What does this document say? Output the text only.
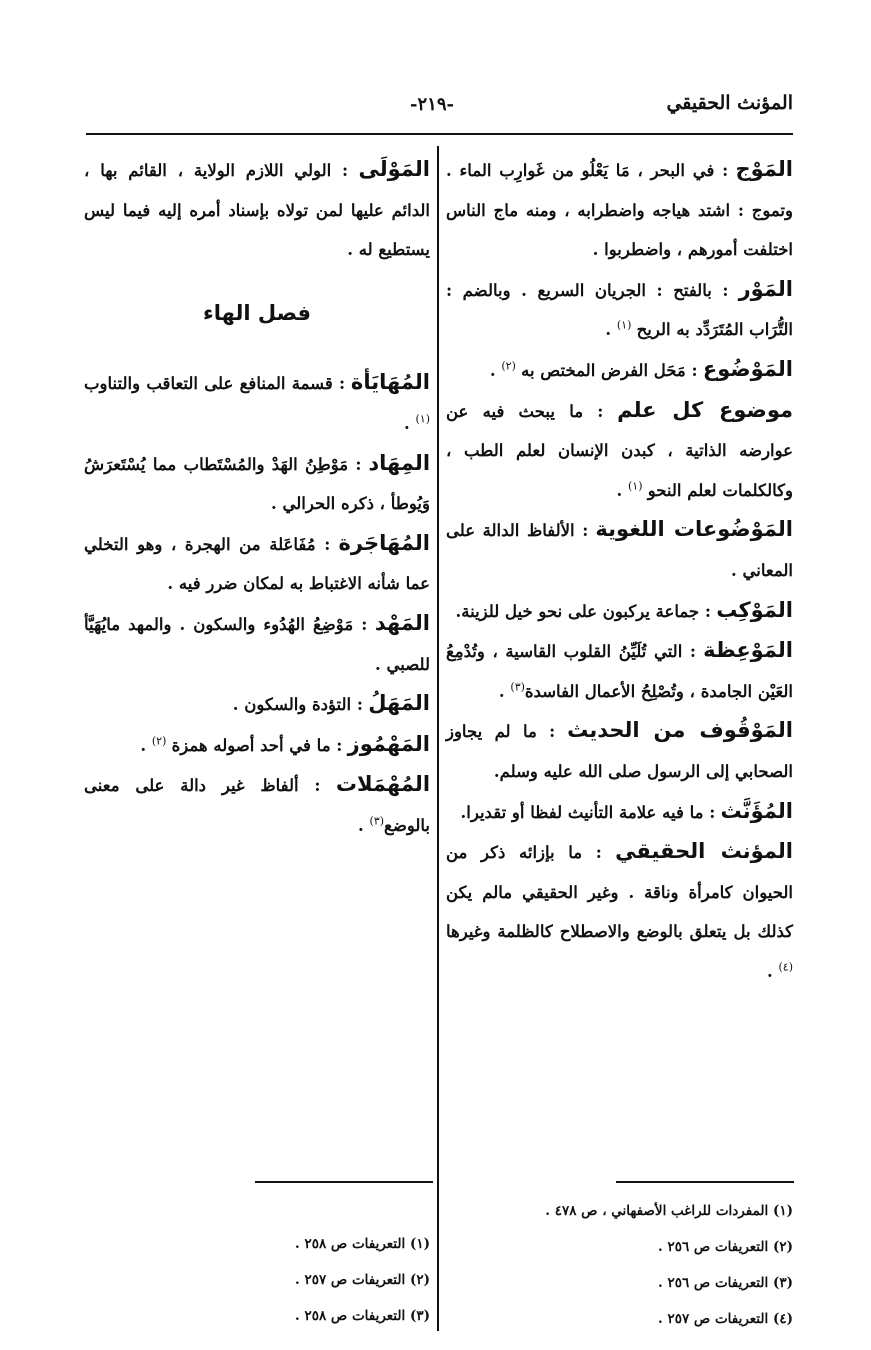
المؤنث الحقيقي
-٢١٩-

المَوْج : في البحر ، مَا يَعْلُو من غَوارِب الماء . وتموج : اشتد هياجه واضطرابه ، ومنه ماج الناس اختلفت أمورهم ، واضطربوا .

المَوْر : بالفتح : الجريان السريع . وبالضم : التُّرَاب المُتَرَدِّد به الريح $^{(١)}$ .

المَوْضُوع : مَحَل الفرض المختص به $^{(٢)}$ .

موضوع كل علم : ما يبحث فيه عن عوارضه الذاتية ، كبدن الإنسان لعلم الطب ، وكالكلمات لعلم النحو $^{(١)}$ .

المَوْضُوعات اللغوية : الألفاظ الدالة على المعاني .

المَوْكِب : جماعة يركبون على نحو خيل للزينة.

المَوْعِظة : التي تُلَيِّنُ القلوب القاسية ، وتُدْمِعُ العَيْن الجامدة ، وتُصْلِحُ الأعمال الفاسدة$^{(٣)}$ .

المَوْقُوف من الحديث : ما لم يجاوز الصحابي إلى الرسول صلى الله عليه وسلم.

المُؤَنَّث : ما فيه علامة التأنيث لفظا أو تقديرا.

المؤنث الحقيقي : ما بإزائه ذكر من الحيوان كامرأة وناقة . وغير الحقيقي مالم يكن كذلك بل يتعلق بالوضع والاصطلاح كالظلمة وغيرها $^{(٤)}$ .

المَوْلَى : الولي اللازم الولاية ، القائم بها ، الدائم عليها لمن تولاه بإسناد أمره إليه فيما ليس يستطيع له .

فصل الهاء

المُهَايَأة : قسمة المنافع على التعاقب والتناوب $^{(١)}$ .

المِهَاد : مَوْطِنُ الهَدْ والمُسْتَطاب مما يُسْتَعرَشُ وَيُوطأ ، ذكره الحرالي .

المُهَاجَرة : مُفَاعَلة من الهجرة ، وهو التخلي عما شأنه الاغتباط به لمكان ضرر فيه .

المَهْد : مَوْضِعُ الهُدُوء والسكون . والمهد مايُهَيَّأ للصبي .

المَهَلُ : التؤدة والسكون .

المَهْمُوز : ما في أحد أصوله همزة $^{(٢)}$ .

المُهْمَلات : ألفاظ غير دالة على معنى بالوضع$^{(٣)}$ .

(١) المفردات للراغب الأصفهاني ، ص ٤٧٨ .

(٢) التعريفات ص ٢٥٦ .

(٣) التعريفات ص ٢٥٦ .

(٤) التعريفات ص ٢٥٧ .

(١) التعريفات ص ٢٥٨ .

(٢) التعريفات ص ٢٥٧ .

(٣) التعريفات ص ٢٥٨ .
